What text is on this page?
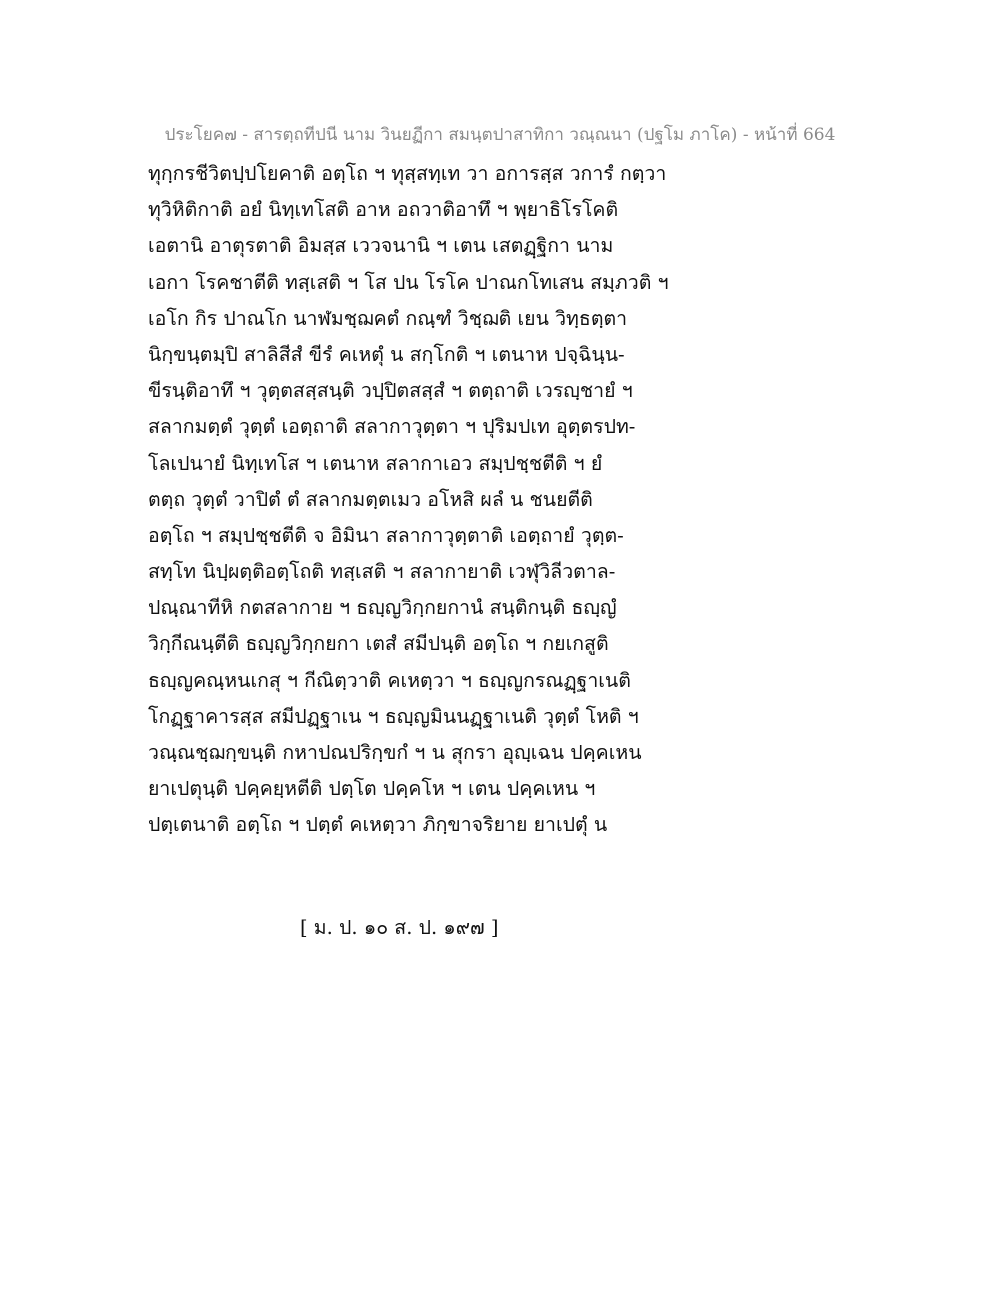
ประโยค๗ - สารตฺถทีปนี นาม วินยฏีกา สมนฺตปาสาทิกา วณฺณนา (ปฐโม ภาโค) - หน้าที่ 664
ทุกฺกรชีวิตปฺปโยคาติ อตฺโถ ฯ ทุสฺสทฺเท วา อการสฺส วการํ กตฺวา
ทุวิหิติกาติ อยํ นิทฺเทโสติ อาห อถวาติอาทึ ฯ พฺยาธิโรโคติ
เอตานิ อาตุรตาติ อิมสฺส เววจนานิ ฯ เตน เสตฏฺฐิกา นาม
เอกา โรคชาตีติ ทสฺเสติ ฯ โส ปน โรโค ปาณกโทเสน สมฺภวติ ฯ
เอโก กิร ปาณโก นาฬมชฺฌคตํ กณฺฑํ วิชฺฌติ เยน วิทฺธตฺตา
นิกฺขนฺตมฺปิ สาลิสีสํ ขีรํ คเหตุํ น สกฺโกติ ฯ เตนาห ปจฺฉินฺน-
ขีรนฺติอาทึ ฯ วุตฺตสสฺสนฺติ วปฺปิตสสฺสํ ฯ ตตฺถาติ เวรญฺชายํ ฯ
สลากมตฺตํ วุตฺตํ เอตฺถาติ สลากาวุตฺตา ฯ ปุริมปเท อุตฺตรปท-
โลเปนายํ นิทฺเทโส ฯ เตนาห สลากาเอว สมฺปชฺชตีติ ฯ ยํ
ตตฺถ วุตฺตํ วาปิตํ ตํ สลากมตฺตเมว อโหสิ ผลํ น ชนยตีติ
อตฺโถ ฯ สมฺปชฺชตีติ จ อิมินา สลากาวุตฺตาติ เอตฺถายํ วุตฺต-
สทฺโท นิปฺผตฺติอตฺโถติ ทสฺเสติ ฯ สลากายาติ เวฬุวิลีวตาล-
ปณฺณาทีหิ กตสลากาย ฯ ธญฺญวิกฺกยกานํ สนฺติกนฺติ ธญฺญํ
วิกฺกีณนฺตีติ ธญฺญวิกฺกยกา เตสํ สมีปนฺติ อตฺโถ ฯ กยเกสูติ
ธญฺญคณฺหนเกสุ ฯ กีณิตฺวาติ คเหตฺวา ฯ ธญฺญกรณฏฺฐาเนติ
โกฏฺฐาคารสฺส สมีปฏฺฐาเน ฯ ธญฺญมินนฏฺฐาเนติ วุตฺตํ โหติ ฯ
วณฺณชฺฌกฺขนฺติ กหาปณปริกฺขกํ ฯ น สุกรา อุญฺเฉน ปคฺคเหน
ยาเปตุนฺติ ปคฺคยฺหตีติ ปตฺโต ปคฺคโห ฯ เตน ปคฺคเหน ฯ
ปตฺเตนาติ อตฺโถ ฯ ปตฺตํ คเหตฺวา ภิกฺขาจริยาย ยาเปตุํ น
[ ม. ป. ๑๐ ส. ป. ๑๙๗ ]
